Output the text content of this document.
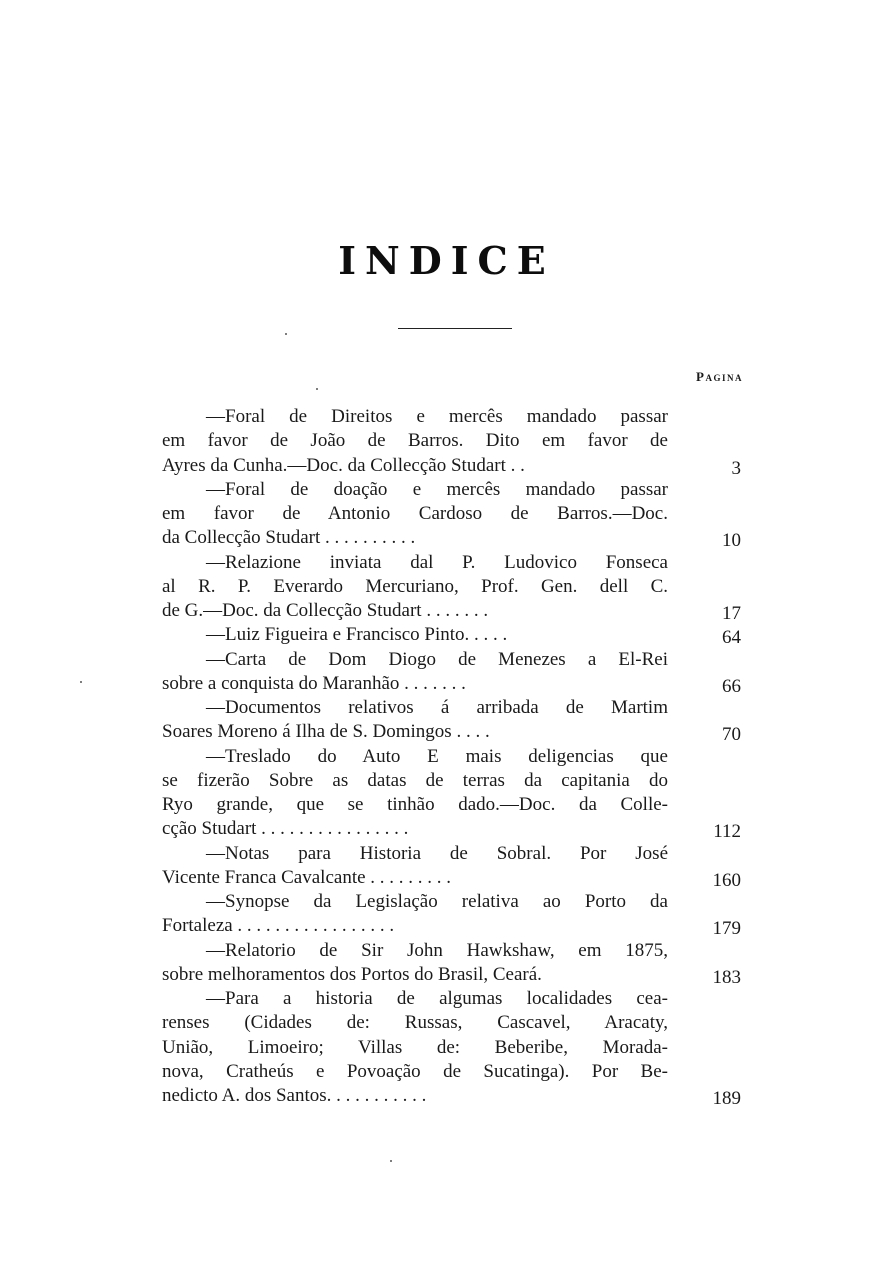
INDICE
Pagina
—Foral de Direitos e mercês mandado passar
em favor de João de Barros. Dito em favor de
Ayres da Cunha.—Doc. da Collecção Studart . .	3
—Foral de doação e mercês mandado passar
em favor de Antonio Cardoso de Barros.—Doc.
da Collecção Studart . . . . . . . . . .	10
—Relazione inviata dal P. Ludovico Fonseca
al R. P. Everardo Mercuriano, Prof. Gen. dell C.
de G.—Doc. da Collecção Studart . . . . . . .	17
—Luiz Figueira e Francisco Pinto. . . . .	64
—Carta de Dom Diogo de Menezes a El-Rei
sobre a conquista do Maranhão . . . . . . .	66
—Documentos relativos á arribada de Martim
Soares Moreno á Ilha de S. Domingos . . . .	70
—Treslado do Auto E mais deligencias que
se fizerão Sobre as datas de terras da capitania do
Ryo grande, que se tinhão dado.—Doc. da Colle-
cção Studart . . . . . . . . . . . . . . . .	112
—Notas para Historia de Sobral. Por José
Vicente Franca Cavalcante . . . . . . . . .	160
—Synopse da Legislação relativa ao Porto da
Fortaleza . . . . . . . . . . . . . . . . .	179
—Relatorio de Sir John Hawkshaw, em 1875,
sobre melhoramentos dos Portos do Brasil, Ceará.	183
—Para a historia de algumas localidades cea-
renses (Cidades de: Russas, Cascavel, Aracaty,
União, Limoeiro; Villas de: Beberibe, Morada-
nova, Cratheús e Povoação de Sucatinga). Por Be-
nedicto A. dos Santos. . . . . . . . . . .	189
